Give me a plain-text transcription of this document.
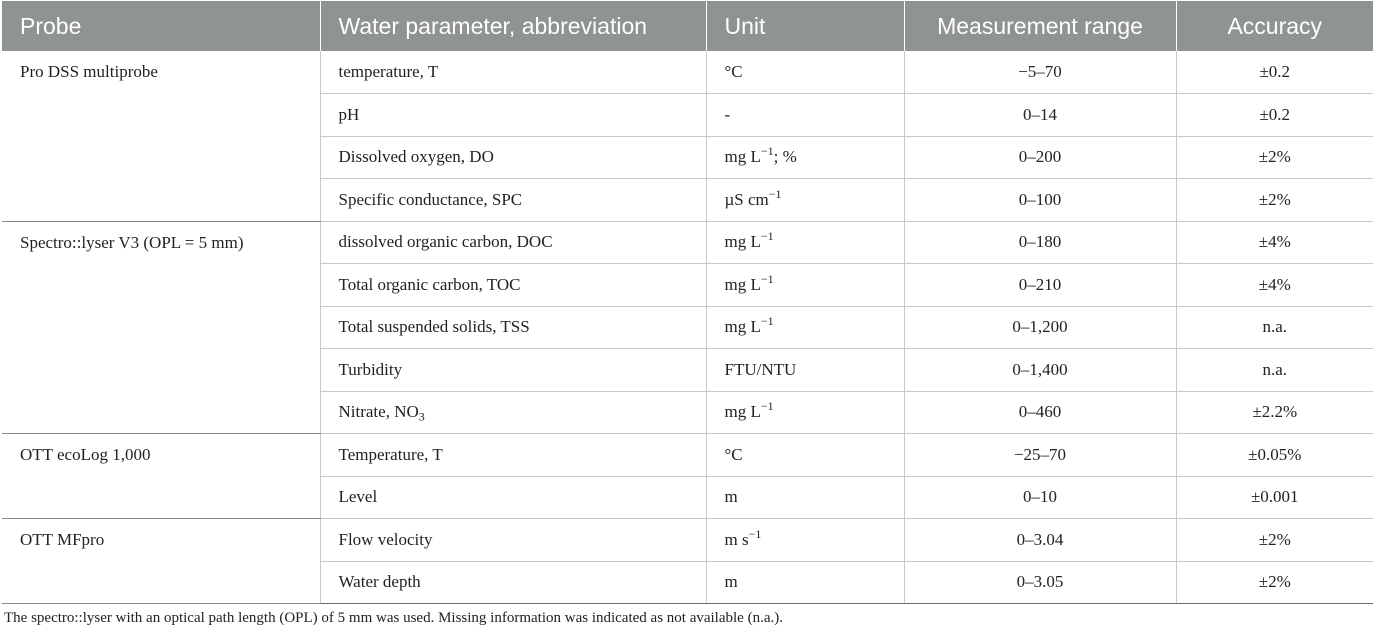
Probe	Water parameter, abbreviation	Unit	Measurement range	Accuracy
Pro DSS multiprobe	temperature, T	°C	−5–70	±0.2
	pH	-	0–14	±0.2
	Dissolved oxygen, DO	mg $L^{-1}$; %	0–200	±2%
	Specific conductance, SPC	µS $cm^{-1}$	0–100	±2%
Spectro::lyser V3 (OPL = 5 mm)	dissolved organic carbon, DOC	mg $L^{-1}$	0–180	±4%
	Total organic carbon, TOC	mg $L^{-1}$	0–210	±4%
	Total suspended solids, TSS	mg $L^{-1}$	0–1,200	n.a.
	Turbidity	FTU/NTU	0–1,400	n.a.
	Nitrate, $NO_3$	mg $L^{-1}$	0–460	±2.2%
OTT ecoLog 1,000	Temperature, T	°C	−25–70	±0.05%
	Level	m	0–10	±0.001
OTT MFpro	Flow velocity	m $s^{-1}$	0–3.04	±2%
	Water depth	m	0–3.05	±2%
The spectro::lyser with an optical path length (OPL) of 5 mm was used. Missing information was indicated as not available (n.a.).
